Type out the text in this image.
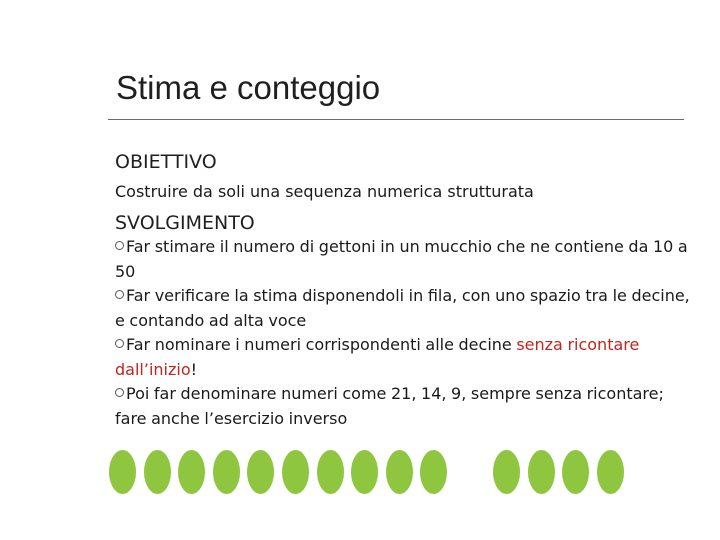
Stima e conteggio

OBIETTIVO

Costruire da soli una sequenza numerica strutturata

SVOLGIMENTO

Far stimare il numero di gettoni in un mucchio che ne contiene da 10 a 50

Far verificare la stima disponendoli in fila, con uno spazio tra le decine, e contando ad alta voce

Far nominare i numeri corrispondenti alle decine senza ricontare dall’inizio!

Poi far denominare numeri come 21, 14, 9, sempre senza ricontare; fare anche l’esercizio inverso
